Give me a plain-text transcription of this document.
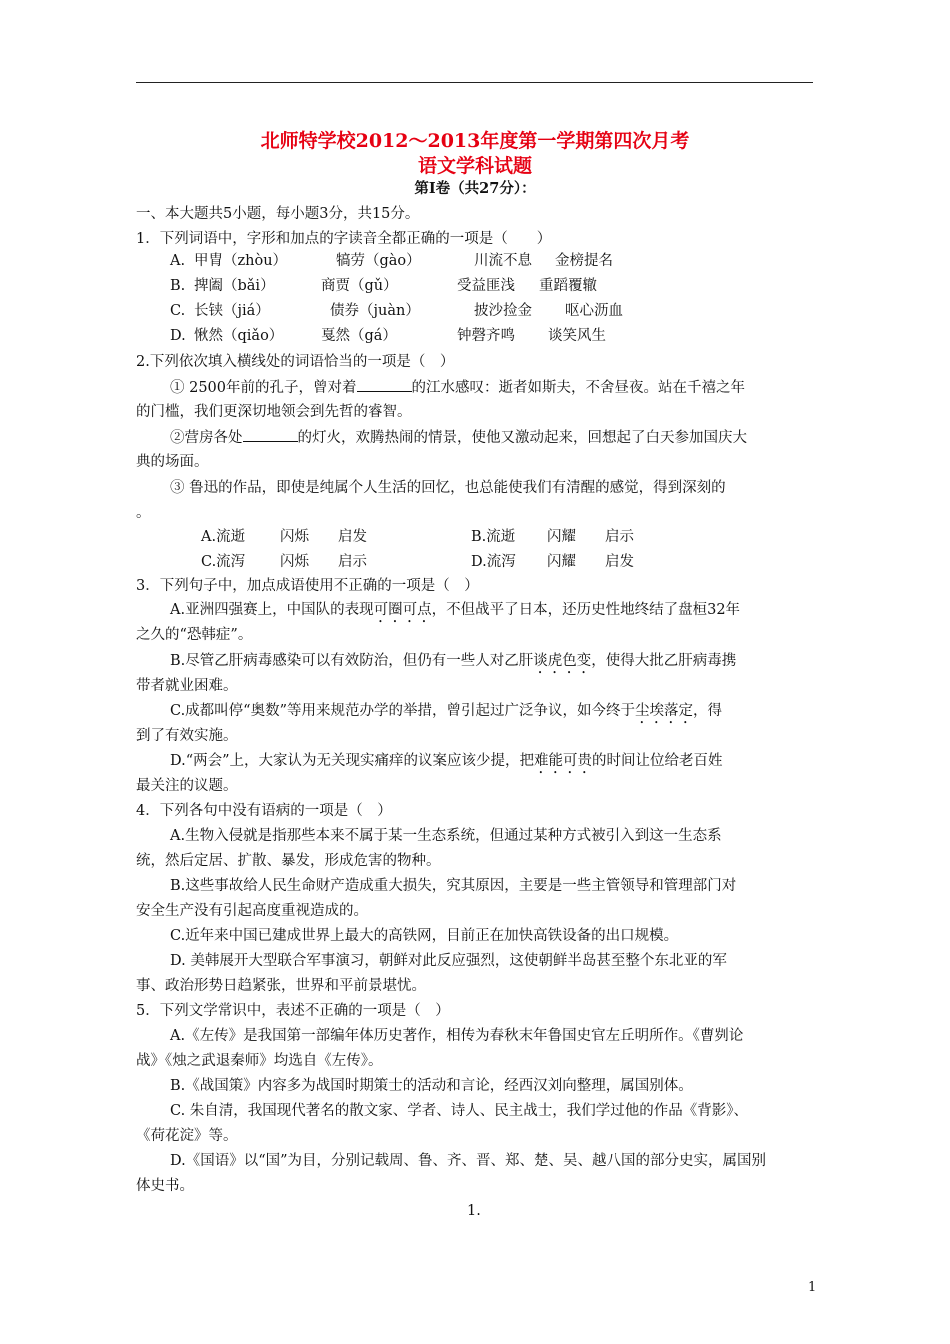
北师特学校2012～2013年度第一学期第四次月考
语文学科试题
第Ⅰ卷（共27分）：
一、本大题共5小题，每小题3分，共15分。
1．下列词语中，字形和加点的字读音全都正确的一项是（　　）
A. 甲胄（zhòu）	犒劳（gào）	川流不息 金榜提名
B. 捭阖（bǎi）	商贾（gǔ）	受益匪浅 重蹈覆辙
C. 长铗（jiá）	债券（juàn）	披沙捡金 呕心沥血
D. 愀然（qiǎo）	戛然（gá）	钟磬齐鸣 谈笑风生
2.下列依次填入横线处的词语恰当的一项是（　）
① 2500年前的孔子，曾对着	的江水感叹：逝者如斯夫，不舍昼夜。站在千禧之年
的门槛，我们更深切地领会到先哲的睿智。
②营房各处	的灯火，欢腾热闹的情景，使他又激动起来，回想起了白天参加国庆大
典的场面。
③ 鲁迅的作品，即使是纯属个人生活的回忆，也总能使我们有清醒的感觉，得到深刻的
。
A.流逝 闪烁 启发	B.流逝 闪耀 启示
C.流泻 闪烁 启示	D.流泻 闪耀 启发
3．下列句子中，加点成语使用不正确的一项是（　）
A.亚洲四强赛上，中国队的表现可圈可点，不但战平了日本，还历史性地终结了盘桓32年
之久的“恐韩症”。
B.尽管乙肝病毒感染可以有效防治，但仍有一些人对乙肝谈虎色变，使得大批乙肝病毒携
带者就业困难。
C.成都叫停“奥数”等用来规范办学的举措，曾引起过广泛争议，如今终于尘埃落定，得
到了有效实施。
D.“两会”上，大家认为无关现实痛痒的议案应该少提，把难能可贵的时间让位给老百姓
最关注的议题。
4．下列各句中没有语病的一项是（　）
A.生物入侵就是指那些本来不属于某一生态系统，但通过某种方式被引入到这一生态系
统，然后定居、扩散、暴发，形成危害的物种。
B.这些事故给人民生命财产造成重大损失，究其原因，主要是一些主管领导和管理部门对
安全生产没有引起高度重视造成的。
C.近年来中国已建成世界上最大的高铁网，目前正在加快高铁设备的出口规模。
D. 美韩展开大型联合军事演习，朝鲜对此反应强烈，这使朝鲜半岛甚至整个东北亚的军
事、政治形势日趋紧张，世界和平前景堪忧。
5．下列文学常识中，表述不正确的一项是（　）
A.《左传》是我国第一部编年体历史著作，相传为春秋末年鲁国史官左丘明所作。《曹刿论
战》《烛之武退秦师》均选自《左传》。
B.《战国策》内容多为战国时期策士的活动和言论，经西汉刘向整理，属国别体。
C. 朱自清，我国现代著名的散文家、学者、诗人、民主战士，我们学过他的作品《背影》、
《荷花淀》等。
D.《国语》以“国”为目，分别记载周、鲁、齐、晋、郑、楚、吴、越八国的部分史实，属国别
体史书。
1.
1
